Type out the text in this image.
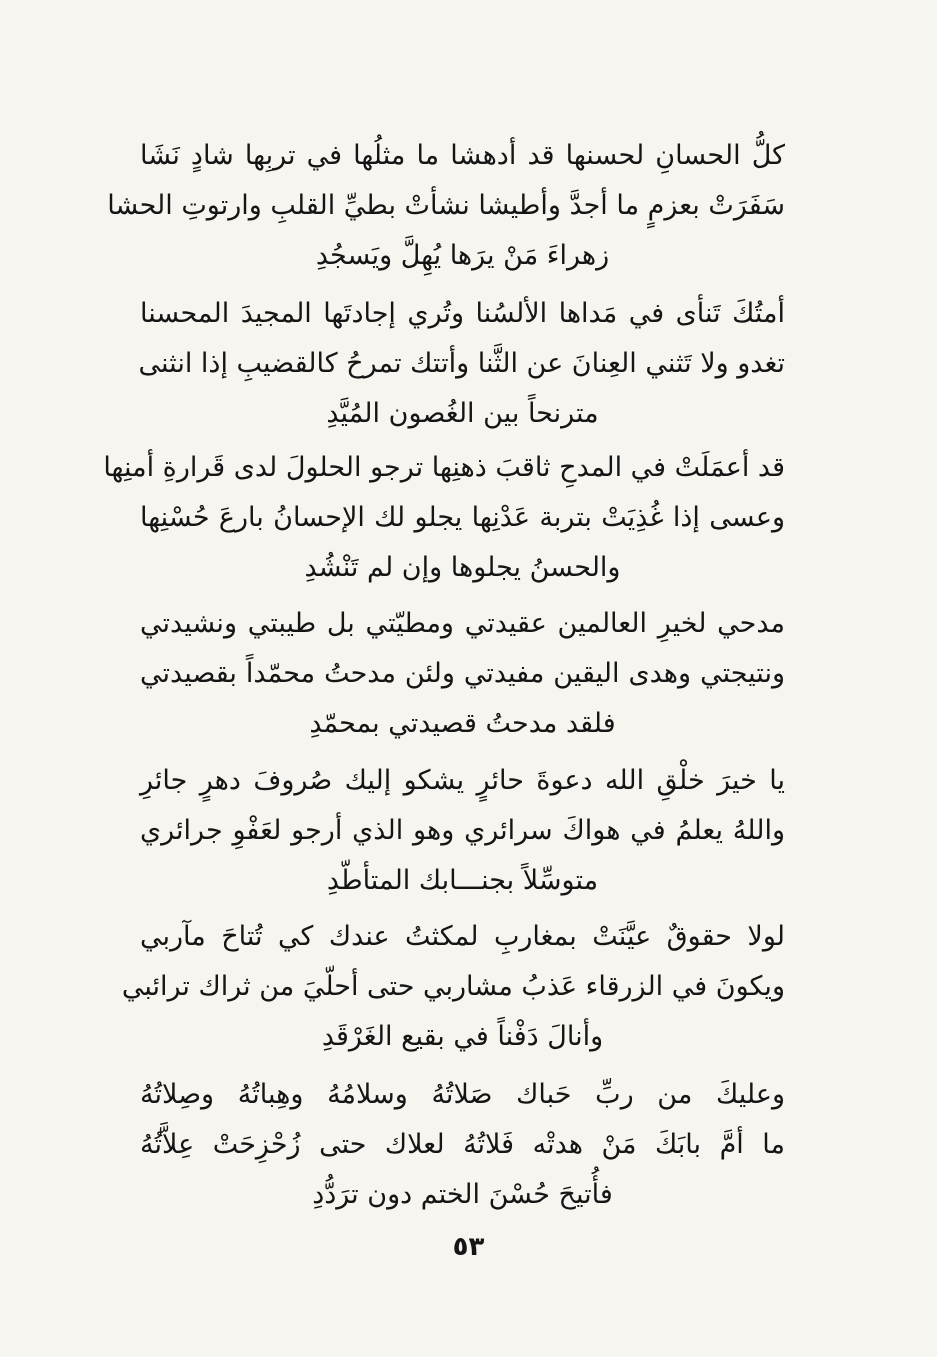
كلُّ الحسانِ لحسنها قد أدهشا ما مثلُها في تربِها شادٍ نَشَا
سَفَرَتْ بعزمٍ ما أجدَّ وأطيشا نشأتْ بطيِّ القلبِ وارتوتِ الحشا
زهراءَ مَنْ يرَها يُهِلَّ ويَسجُدِ
أمتُكَ تَنأى في مَداها الألسُنا وتُري إجادتَها المجيدَ المحسنا
تغدو ولا تَثني العِنانَ عن الثَّنا وأتتك تمرحُ كالقضيبِ إذا انثنى
مترنحاً بين الغُصون المُيَّدِ
قد أعمَلَتْ في المدحِ ثاقبَ ذهنِها ترجو الحلولَ لدى قَرارةِ أمنِها
وعسى إذا غُذِيَتْ بتربة عَدْنِها يجلو لك الإحسانُ بارعَ حُسْنِها
والحسنُ يجلوها وإن لم تَنْشُدِ
مدحي لخيرِ العالمين عقيدتي ومطيّتي بل طيبتي ونشيدتي
ونتيجتي وهدى اليقين مفيدتي ولئن مدحتُ محمّداً بقصيدتي
فلقد مدحتُ قصيدتي بمحمّدِ
يا خيرَ خلْقِ الله دعوةَ حائرٍ يشكو إليك صُروفَ دهرٍ جائرِ
واللهُ يعلمُ في هواكَ سرائري وهو الذي أرجو لعَفْوِ جرائري
متوسِّلاً بجنـــابك المتأطّدِ
لولا حقوقٌ عيَّنَتْ بمغاربِ لمكثتُ عندك كي تُتاحَ مآربي
ويكونَ في الزرقاء عَذبُ مشاربي حتى أحلّيَ من ثراك ترائبي
وأنالَ دَفْناً في بقيع الغَرْقَدِ
وعليكَ من ربِّ حَباك صَلاتُهُ وسلامُهُ وهِباتُهُ وصِلاتُهُ
ما أمَّ بابَكَ مَنْ هدتْه فَلاتُهُ لعلاك حتى زُحْزِحَتْ عِلاَّتُهُ
فأُتيحَ حُسْنَ الختم دون ترَدُّدِ
٥٣
